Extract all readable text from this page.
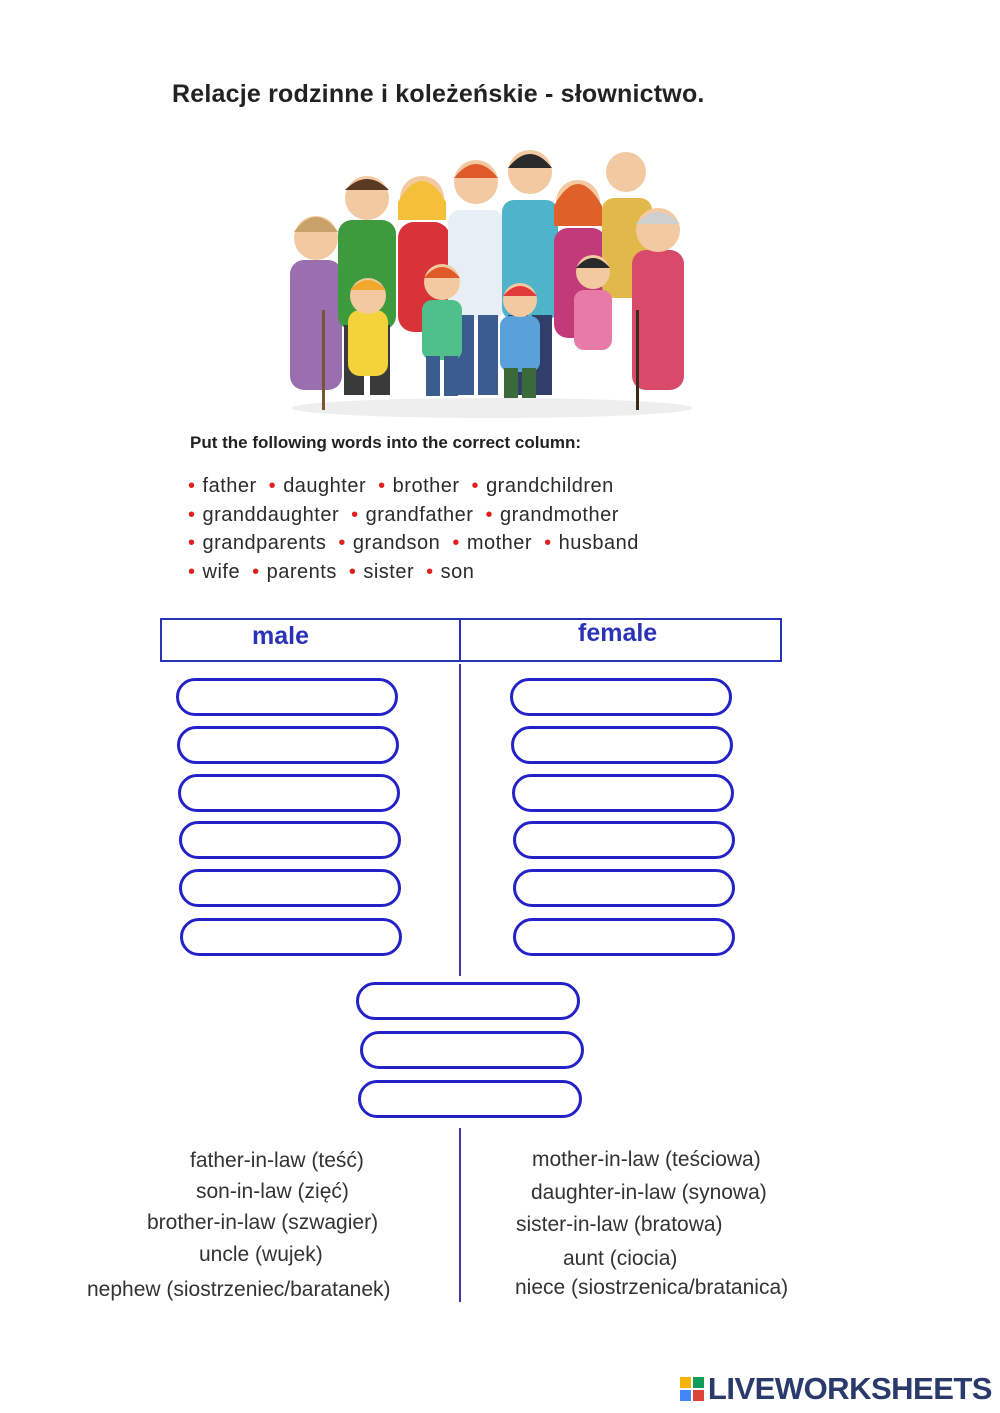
Relacje rodzinne i koleżeńskie - słownictwo.
Put the following words into the correct column:
• father • daughter • brother • grandchildren
• granddaughter • grandfather • grandmother
• grandparents • grandson • mother • husband
• wife • parents • sister • son
male	female
father-in-law (teść)
son-in-law (zięć)
brother-in-law (szwagier)
uncle (wujek)
nephew (siostrzeniec/baratanek)
mother-in-law (teściowa)
daughter-in-law (synowa)
sister-in-law (bratowa)
aunt (ciocia)
niece (siostrzenica/bratanica)
LIVEWORKSHEETS
